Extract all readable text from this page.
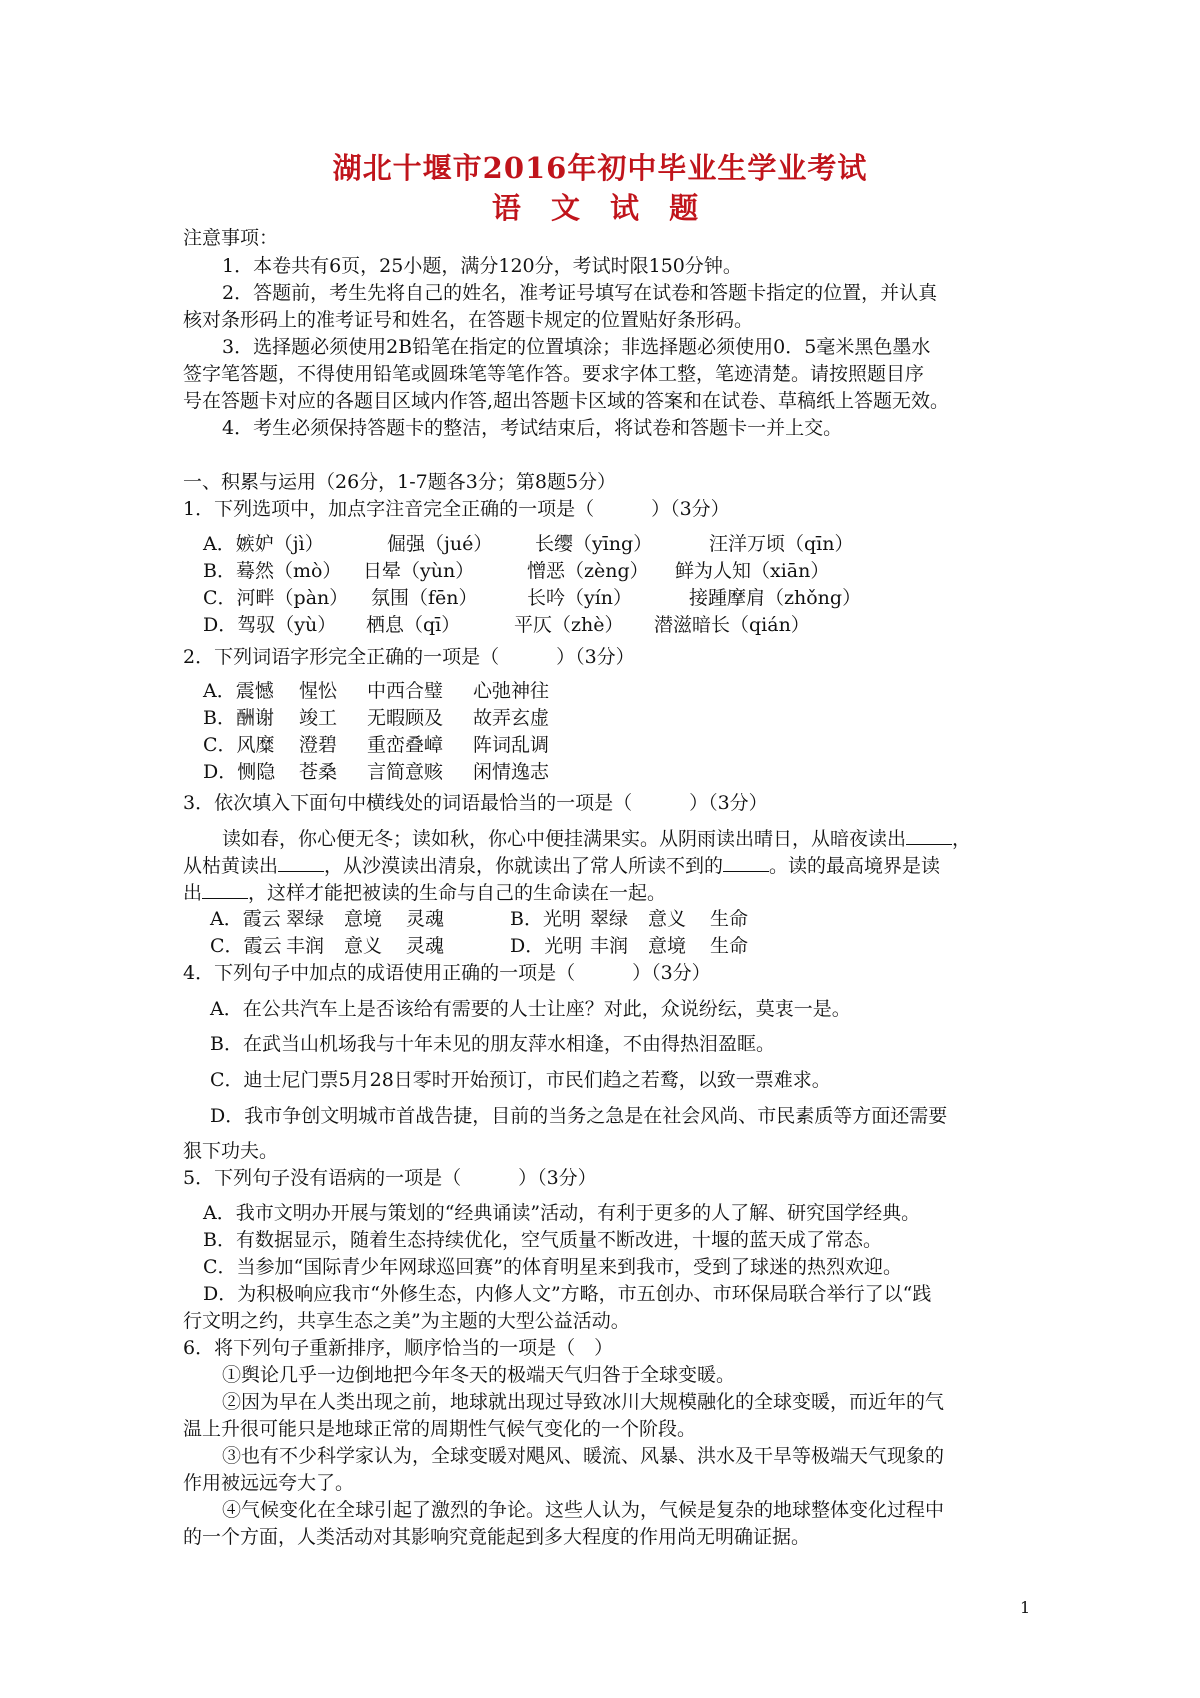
湖北十堰市2016年初中毕业生学业考试
语 文 试 题
注意事项：
1．本卷共有6页，25小题，满分120分，考试时限150分钟。
2．答题前，考生先将自己的姓名，准考证号填写在试卷和答题卡指定的位置，并认真
核对条形码上的准考证号和姓名，在答题卡规定的位置贴好条形码。
3．选择题必须使用2B铅笔在指定的位置填涂；非选择题必须使用0．5毫米黑色墨水
签字笔答题，不得使用铅笔或圆珠笔等笔作答。要求字体工整，笔迹清楚。请按照题目序
号在答题卡对应的各题目区域内作答,超出答题卡区域的答案和在试卷、草稿纸上答题无效。
4．考生必须保持答题卡的整洁，考试结束后，将试卷和答题卡一并上交。
一、积累与运用（26分，1-7题各3分；第8题5分）
1．下列选项中，加点字注音完全正确的一项是（　　　）（3分）
A．嫉妒（jì）	倔强（jué） 长缨（yīng）	汪洋万顷（qīn）
B．蓦然（mò） 日晕（yùn）	憎恶（zèng） 鲜为人知（xiān）
C．河畔（pàn） 氛围（fēn）	长吟（yín）	接踵摩肩（zhǒng）
D．驾驭（yù） 栖息（qī）	平仄（zhè） 潜滋暗长（qián）
2．下列词语字形完全正确的一项是（　　　）（3分）
A．震憾 惺忪 中西合璧 心弛神往
B．酬谢 竣工 无暇顾及 故弄玄虚
C．风糜 澄碧 重峦叠嶂 阵词乱调
D．恻隐 苍桑 言简意赅 闲情逸志
3．依次填入下面句中横线处的词语最恰当的一项是（　　　）（3分）
读如春，你心便无冬；读如秋，你心中便挂满果实。从阴雨读出晴日，从暗夜读出 ，
从枯黄读出 ，从沙漠读出清泉，你就读出了常人所读不到的 。读的最高境界是读
出 ，这样才能把被读的生命与自己的生命读在一起。
A．霞云 翠绿 意境 灵魂	B．光明 翠绿 意义 生命
C．霞云 丰润 意义 灵魂	D．光明 丰润 意境 生命
4．下列句子中加点的成语使用正确的一项是（　　　）（3分）
A．在公共汽车上是否该给有需要的人士让座？对此，众说纷纭，莫衷一是。
B．在武当山机场我与十年未见的朋友萍水相逢，不由得热泪盈眶。
C．迪士尼门票5月28日零时开始预订，市民们趋之若鹜，以致一票难求。
D．我市争创文明城市首战告捷，目前的当务之急是在社会风尚、市民素质等方面还需要
狠下功夫。
5．下列句子没有语病的一项是（　　　）（3分）
A．我市文明办开展与策划的“经典诵读”活动，有利于更多的人了解、研究国学经典。
B．有数据显示，随着生态持续优化，空气质量不断改进，十堰的蓝天成了常态。
C．当参加“国际青少年网球巡回赛”的体育明星来到我市，受到了球迷的热烈欢迎。
D．为积极响应我市“外修生态，内修人文”方略，市五创办、市环保局联合举行了以“践
行文明之约，共享生态之美”为主题的大型公益活动。
6．将下列句子重新排序，顺序恰当的一项是（　）
①舆论几乎一边倒地把今年冬天的极端天气归咎于全球变暖。
②因为早在人类出现之前，地球就出现过导致冰川大规模融化的全球变暖，而近年的气
温上升很可能只是地球正常的周期性气候气变化的一个阶段。
③也有不少科学家认为，全球变暖对飓风、暖流、风暴、洪水及干旱等极端天气现象的
作用被远远夸大了。
④气候变化在全球引起了激烈的争论。这些人认为，气候是复杂的地球整体变化过程中
的一个方面，人类活动对其影响究竟能起到多大程度的作用尚无明确证据。
1
